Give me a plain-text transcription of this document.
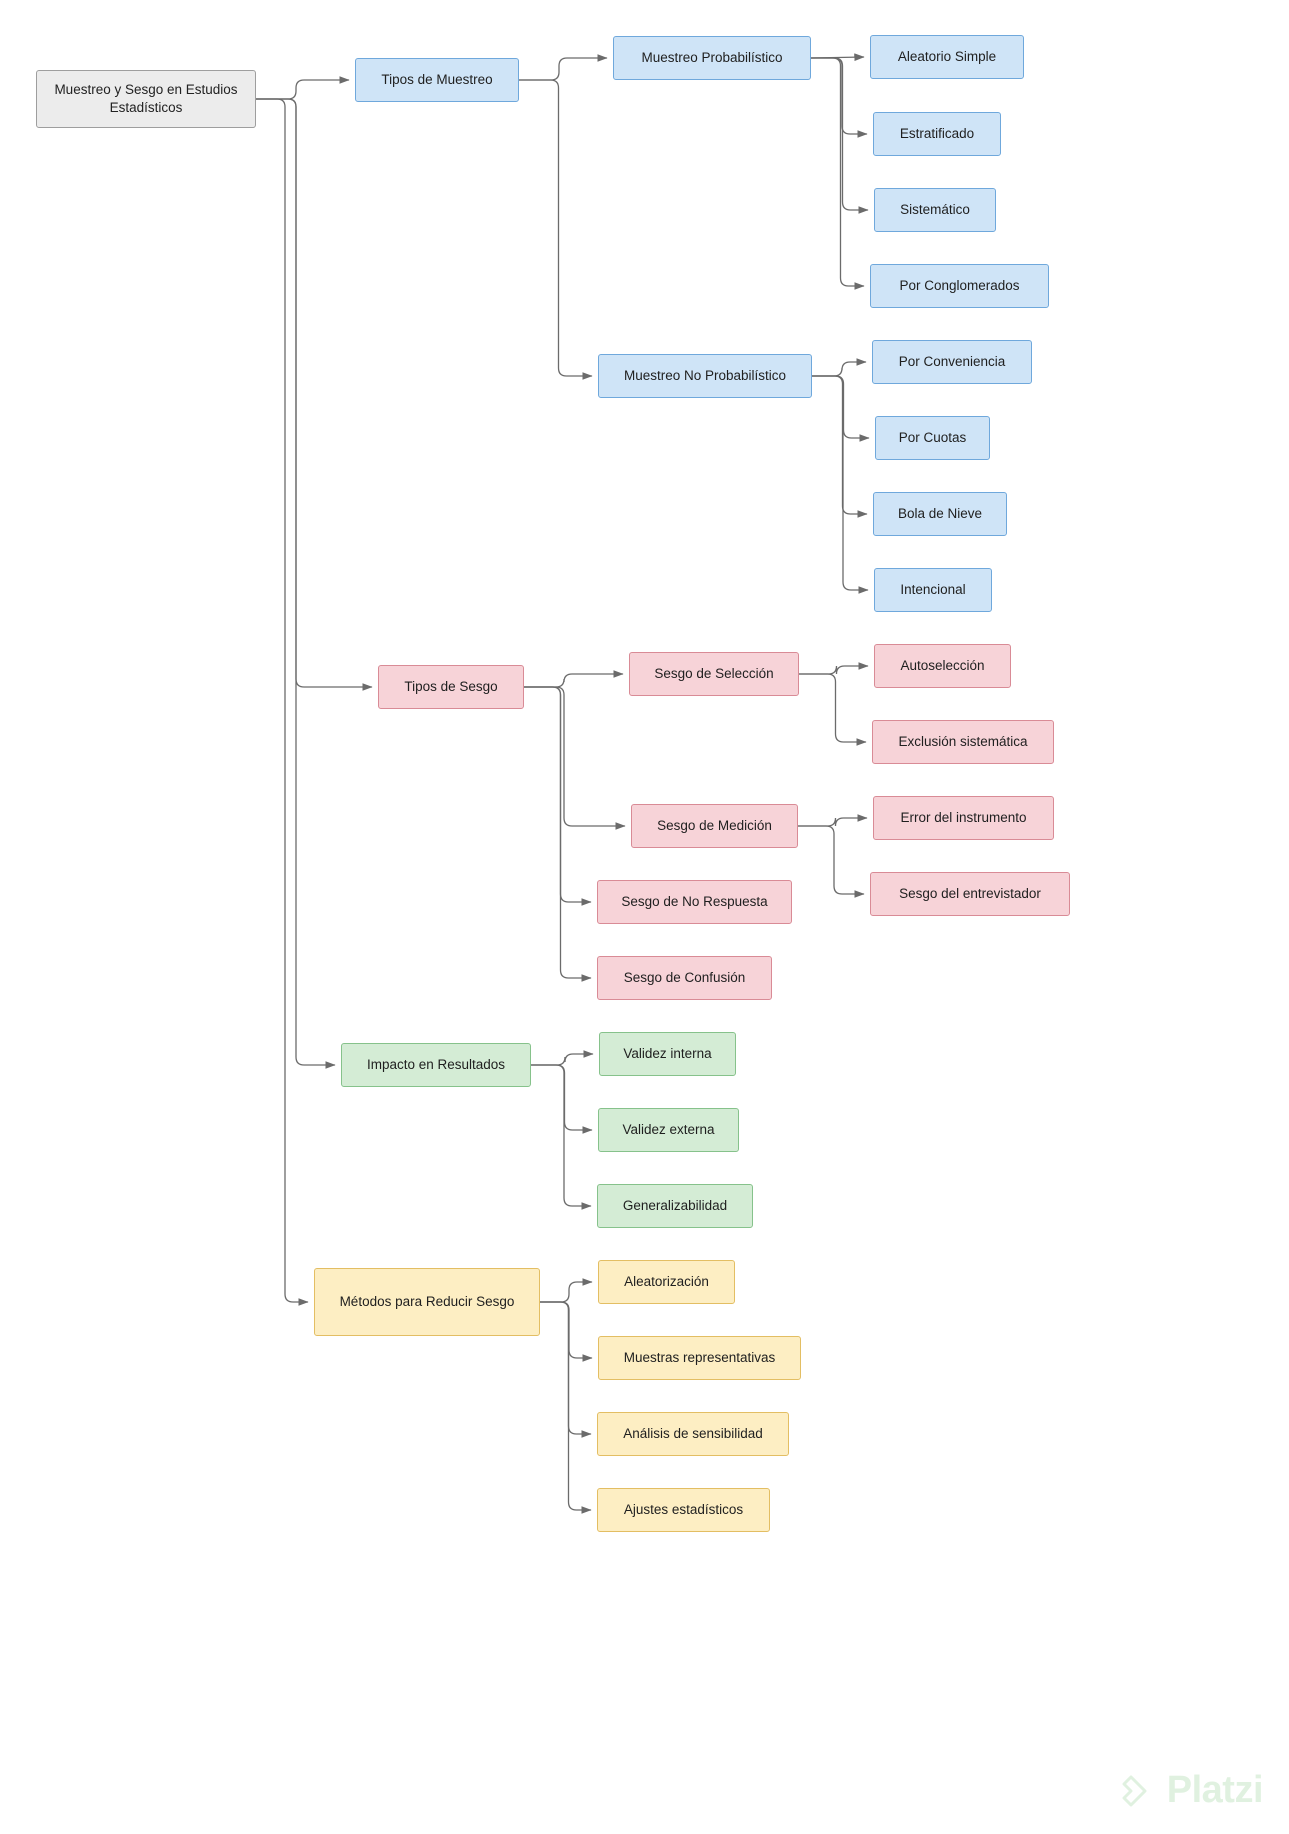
Muestreo y Sesgo en Estudios Estadísticos
Tipos de Muestreo
Muestreo Probabilístico	Aleatorio Simple
Estratificado
Sistemático
Por Conglomerados
Muestreo No Probabilístico
Por Conveniencia
Por Cuotas
Bola de Nieve
Intencional
Tipos de Sesgo
Sesgo de Selección
Autoselección
Exclusión sistemática
Sesgo de Medición
Error del instrumento
Sesgo del entrevistador
Sesgo de No Respuesta
Sesgo de Confusión
Impacto en Resultados
Validez interna
Validez externa
Generalizabilidad
Métodos para Reducir Sesgo
Aleatorización
Muestras representativas
Análisis de sensibilidad
Ajustes estadísticos
Platzi
